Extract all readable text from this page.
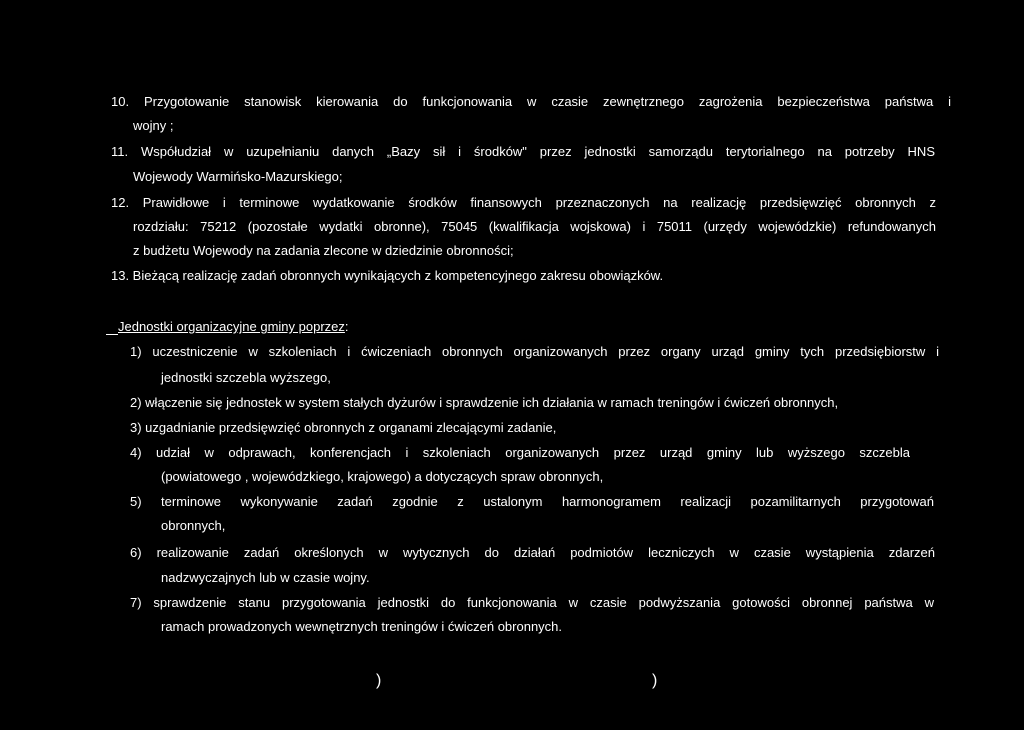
10. Przygotowanie stanowisk kierowania do funkcjonowania w czasie zewnętrznego zagrożenia bezpieczeństwa państwa i
wojny ;
11. Współudział w uzupełnianiu danych „Bazy sił i środków" przez jednostki samorządu terytorialnego na potrzeby HNS
Wojewody Warmińsko-Mazurskiego;
12. Prawidłowe i terminowe wydatkowanie środków finansowych przeznaczonych na realizację przedsięwzięć obronnych z
rozdziału: 75212 (pozostałe wydatki obronne), 75045 (kwalifikacja wojskowa) i 75011 (urzędy wojewódzkie) refundowanych
z budżetu Wojewody na zadania zlecone w dziedzinie obronności;
13. Bieżącą realizację zadań obronnych wynikających z kompetencyjnego zakresu obowiązków.
Jednostki organizacyjne gminy poprzez:
1) uczestniczenie w szkoleniach i ćwiczeniach obronnych organizowanych przez organy urząd gminy tych przedsiębiorstw i
jednostki szczebla wyższego,
2) włączenie się jednostek w system stałych dyżurów i sprawdzenie ich działania w ramach treningów i ćwiczeń obronnych,
3) uzgadnianie przedsięwzięć obronnych z organami zlecającymi zadanie,
4) udział w odprawach, konferencjach i szkoleniach organizowanych przez urząd gminy lub wyższego szczebla
(powiatowego , wojewódzkiego, krajowego) a dotyczących spraw obronnych,
5) terminowe wykonywanie zadań zgodnie z ustalonym harmonogramem realizacji pozamilitarnych przygotowań
obronnych,
6) realizowanie zadań określonych w wytycznych do działań podmiotów leczniczych w czasie wystąpienia zdarzeń
nadzwyczajnych lub w czasie wojny.
7) sprawdzenie stanu przygotowania jednostki do funkcjonowania w czasie podwyższania gotowości obronnej państwa w
ramach prowadzonych wewnętrznych treningów i ćwiczeń obronnych.
)	)
